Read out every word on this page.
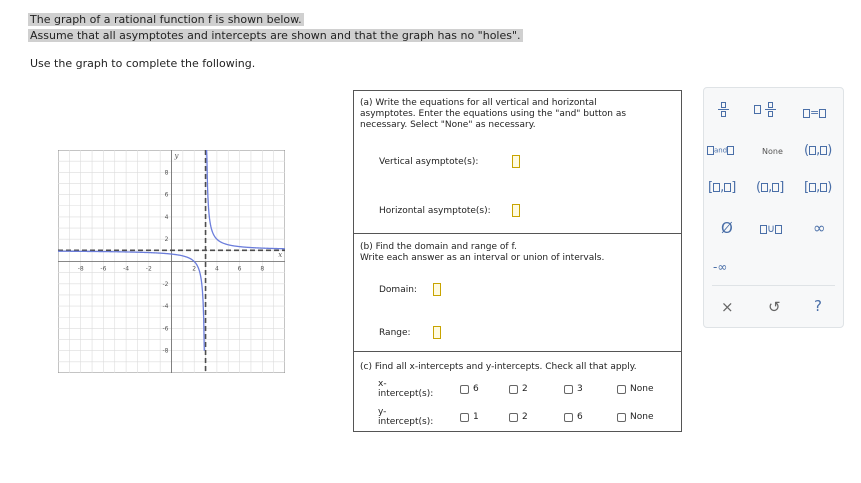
The graph of a rational function f is shown below.
Assume that all asymptotes and intercepts are shown and that the graph has no "holes".
Use the graph to complete the following.
-8	-6	-4	-2	2	4	6	8
8
6
4
2
-2
-4
-6
-8
y
x
(a) Write the equations for all vertical and horizontal
asymptotes. Enter the equations using the "and" button as
necessary. Select "None" as necessary.
Vertical asymptote(s):
Horizontal asymptote(s):
(b) Find the domain and range of f.
Write each answer as an interval or union of intervals.
Domain:
Range:
(c) Find all x-intercepts and y-intercepts. Check all that apply.
x-
intercept(s):	6	2	3	None
y-
intercept(s):	1	2	6	None

=
and	None ( , )
[ , ] ( , ] [ , )
Ø	∪	∞
-∞
× ↺ ?
